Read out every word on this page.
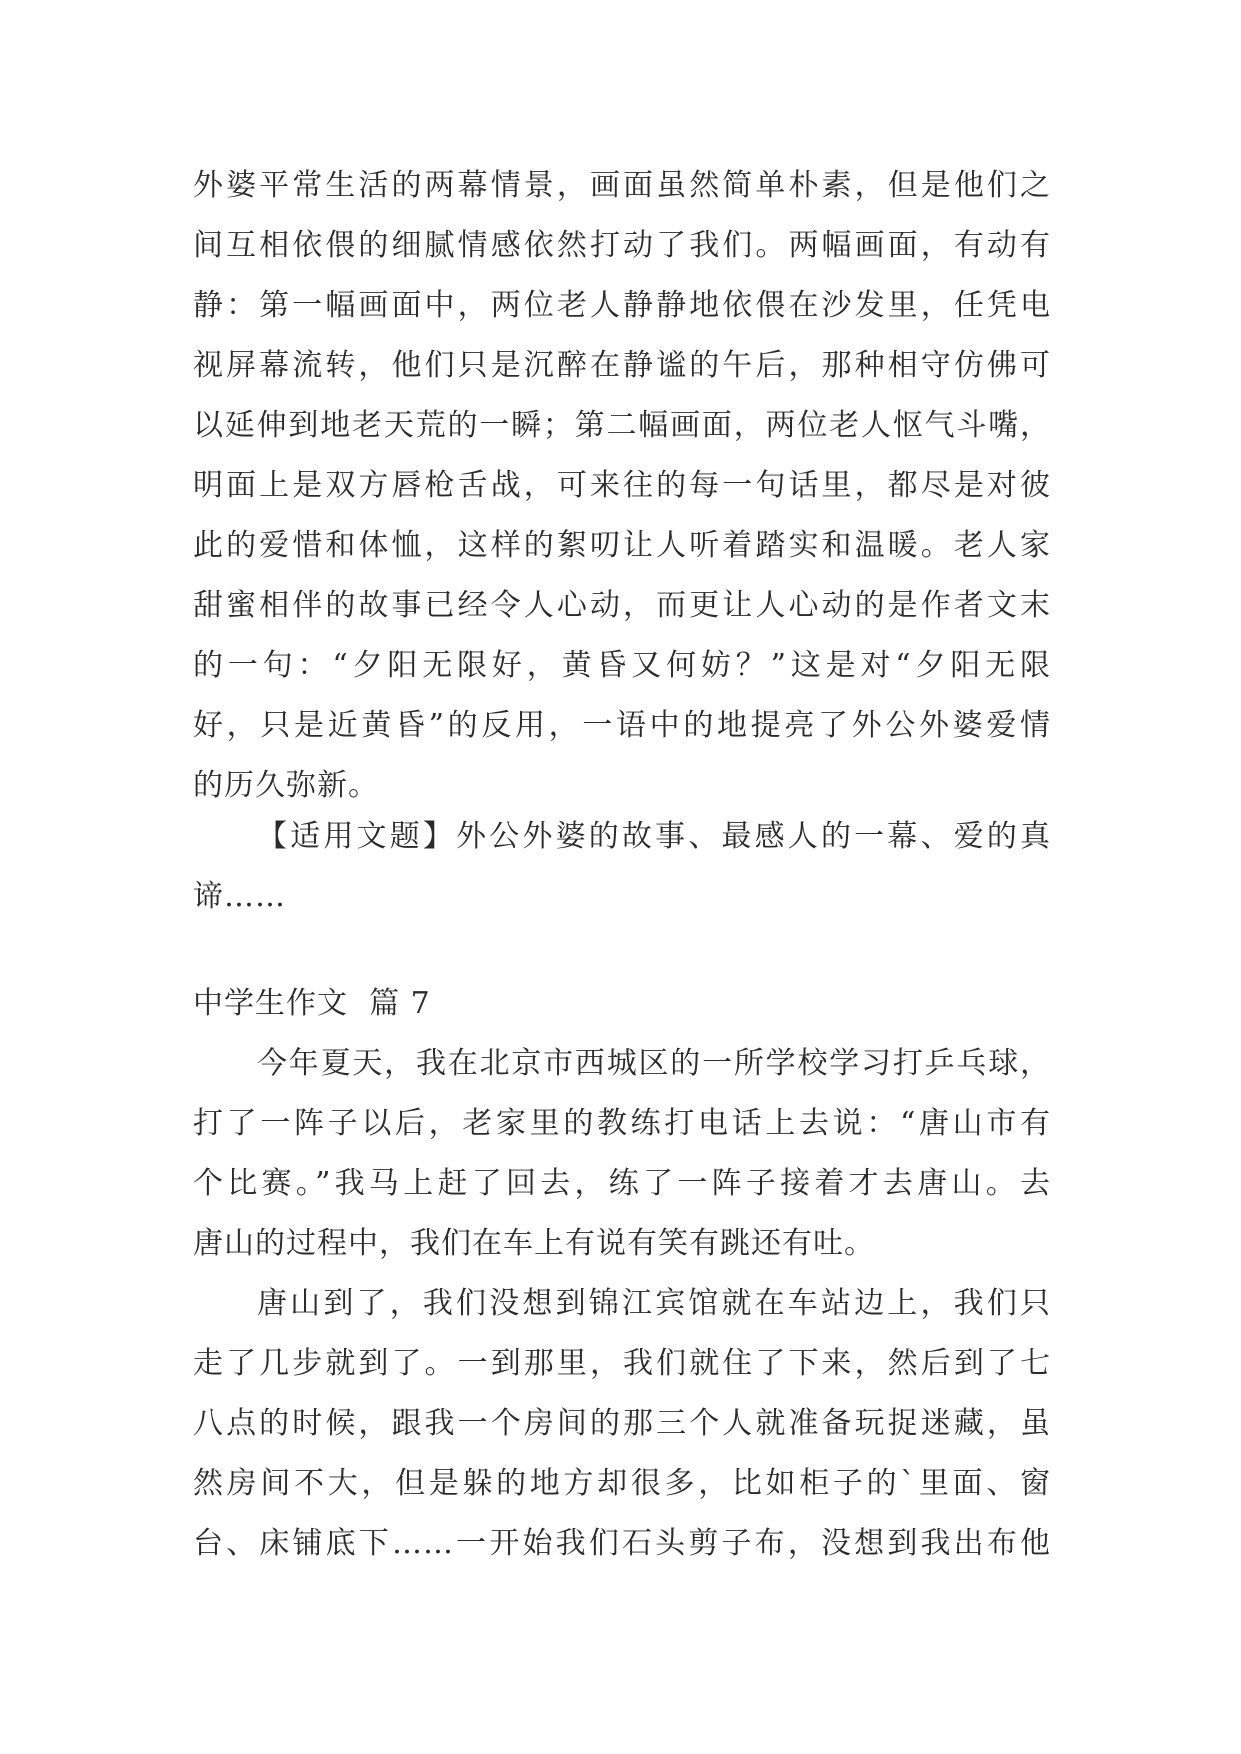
外婆平常生活的两幕情景，画面虽然简单朴素，但是他们之
间互相依偎的细腻情感依然打动了我们。两幅画面，有动有
静：第一幅画面中，两位老人静静地依偎在沙发里，任凭电
视屏幕流转，他们只是沉醉在静谧的午后，那种相守仿佛可
以延伸到地老天荒的一瞬；第二幅画面，两位老人怄气斗嘴，
明面上是双方唇枪舌战，可来往的每一句话里，都尽是对彼
此的爱惜和体恤，这样的絮叨让人听着踏实和温暖。老人家
甜蜜相伴的故事已经令人心动，而更让人心动的是作者文末
的一句：“夕阳无限好，黄昏又何妨？”这是对“夕阳无限
好，只是近黄昏”的反用，一语中的地提亮了外公外婆爱情
的历久弥新。
【适用文题】外公外婆的故事、最感人的一幕、爱的真
谛……
中学生作文  篇 7
今年夏天，我在北京市西城区的一所学校学习打乒乓球，
打了一阵子以后，老家里的教练打电话上去说：“唐山市有
个比赛。”我马上赶了回去，练了一阵子接着才去唐山。去
唐山的过程中，我们在车上有说有笑有跳还有吐。
唐山到了，我们没想到锦江宾馆就在车站边上，我们只
走了几步就到了。一到那里，我们就住了下来，然后到了七
八点的时候，跟我一个房间的那三个人就准备玩捉迷藏，虽
然房间不大，但是躲的地方却很多，比如柜子的`里面、窗
台、床铺底下……一开始我们石头剪子布，没想到我出布他
